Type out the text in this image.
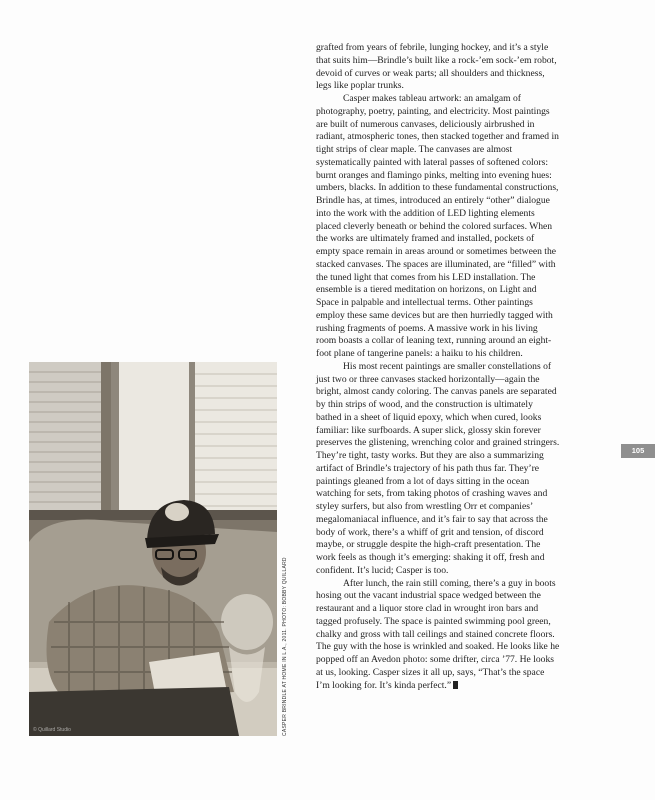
grafted from years of febrile, lunging hockey, and it’s a style that suits him—Brindle’s built like a rock-’em sock-’em robot, devoid of curves or weak parts; all shoulders and thickness, legs like poplar trunks.

Casper makes tableau artwork: an amalgam of photography, poetry, painting, and electricity. Most paintings are built of numerous canvases, deliciously airbrushed in radiant, atmospheric tones, then stacked together and framed in tight strips of clear maple. The canvases are almost systematically painted with lateral passes of softened colors: burnt oranges and flamingo pinks, melting into evening hues: umbers, blacks. In addition to these fundamental constructions, Brindle has, at times, introduced an entirely “other” dialogue into the work with the addition of LED lighting elements placed cleverly beneath or behind the colored surfaces. When the works are ultimately framed and installed, pockets of empty space remain in areas around or sometimes between the stacked canvases. The spaces are illuminated, are “filled” with the tuned light that comes from his LED installation. The ensemble is a tiered meditation on horizons, on Light and Space in palpable and intellectual terms. Other paintings employ these same devices but are then hurriedly tagged with rushing fragments of poems. A massive work in his living room boasts a collar of leaning text, running around an eight-foot plane of tangerine panels: a haiku to his children.

His most recent paintings are smaller constellations of just two or three canvases stacked horizontally—again the bright, almost candy coloring. The canvas panels are separated by thin strips of wood, and the construction is ultimately bathed in a sheet of liquid epoxy, which when cured, looks familiar: like surfboards. A super slick, glossy skin forever preserves the glistening, wrenching color and grained stringers. They’re tight, tasty works. But they are also a summarizing artifact of Brindle’s trajectory of his path thus far. They’re paintings gleaned from a lot of days sitting in the ocean watching for sets, from taking photos of crashing waves and styley surfers, but also from wrestling Orr et companies’ megalomaniacal influence, and it’s fair to say that across the body of work, there’s a whiff of grit and tension, of discord maybe, or struggle despite the high-craft presentation. The work feels as though it’s emerging: shaking it off, fresh and confident. It’s lucid; Casper is too.

After lunch, the rain still coming, there’s a guy in boots hosing out the vacant industrial space wedged between the restaurant and a liquor store clad in wrought iron bars and tagged profusely. The space is painted swimming pool green, chalky and gross with tall ceilings and stained concrete floors. The guy with the hose is wrinkled and soaked. He looks like he popped off an Avedon photo: some drifter, circa ’77. He looks at us, looking. Casper sizes it all up, says, “That’s the space I’m looking for. It’s kinda perfect.”

© Quillard Studio	CASPER BRINDLE AT HOME IN L.A., 2011. PHOTO: BOBBY QUILLARD
105
